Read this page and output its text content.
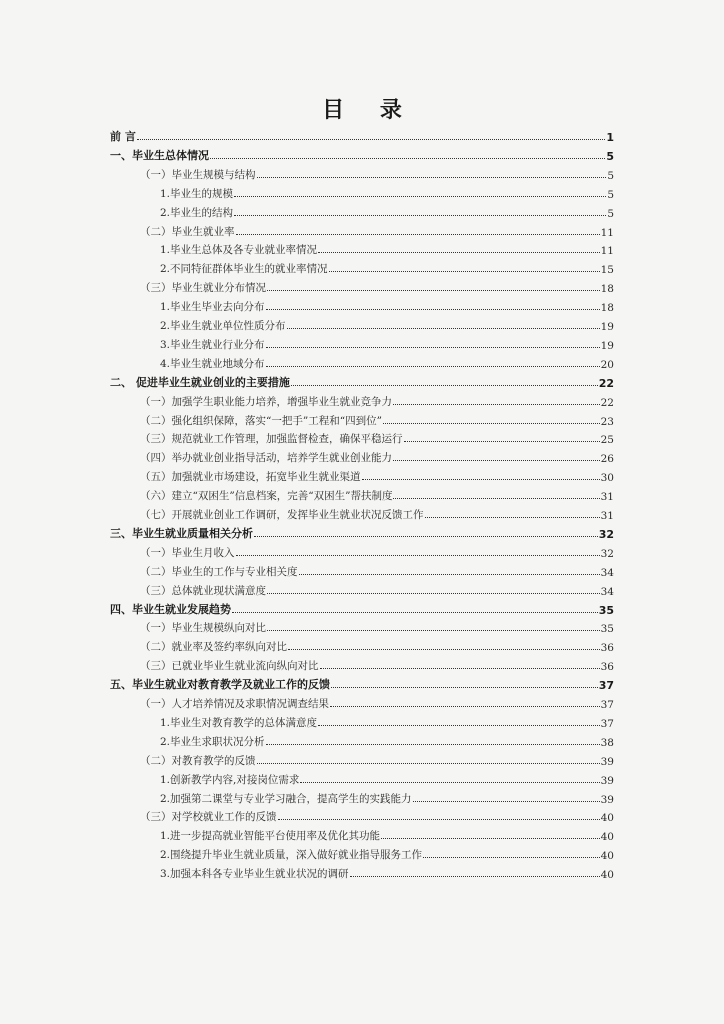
目 录
前 言	1
一、毕业生总体情况	5
（一）毕业生规模与结构	5
1.毕业生的规模	5
2.毕业生的结构	5
（二）毕业生就业率	11
1.毕业生总体及各专业就业率情况	11
2.不同特征群体毕业生的就业率情况	15
（三）毕业生就业分布情况	18
1.毕业生毕业去向分布	18
2.毕业生就业单位性质分布	19
3.毕业生就业行业分布	19
4.毕业生就业地域分布	20
二、 促进毕业生就业创业的主要措施	22
（一）加强学生职业能力培养，增强毕业生就业竞争力	22
（二）强化组织保障，落实“一把手”工程和“四到位”	23
（三）规范就业工作管理，加强监督检查，确保平稳运行	25
（四）举办就业创业指导活动，培养学生就业创业能力	26
（五）加强就业市场建设，拓宽毕业生就业渠道	30
（六）建立“双困生”信息档案，完善“双困生”帮扶制度	31
（七）开展就业创业工作调研，发挥毕业生就业状况反馈工作	31
三、毕业生就业质量相关分析	32
（一）毕业生月收入	32
（二）毕业生的工作与专业相关度	34
（三）总体就业现状满意度	34
四、毕业生就业发展趋势	35
（一）毕业生规模纵向对比	35
（二）就业率及签约率纵向对比	36
（三）已就业毕业生就业流向纵向对比	36
五、毕业生就业对教育教学及就业工作的反馈	37
（一）人才培养情况及求职情况调查结果	37
1.毕业生对教育教学的总体满意度	37
2.毕业生求职状况分析	38
（二）对教育教学的反馈	39
1.创新教学内容,对接岗位需求	39
2.加强第二课堂与专业学习融合，提高学生的实践能力	39
（三）对学校就业工作的反馈	40
1.进一步提高就业智能平台使用率及优化其功能	40
2.围绕提升毕业生就业质量，深入做好就业指导服务工作	40
3.加强本科各专业毕业生就业状况的调研	40
